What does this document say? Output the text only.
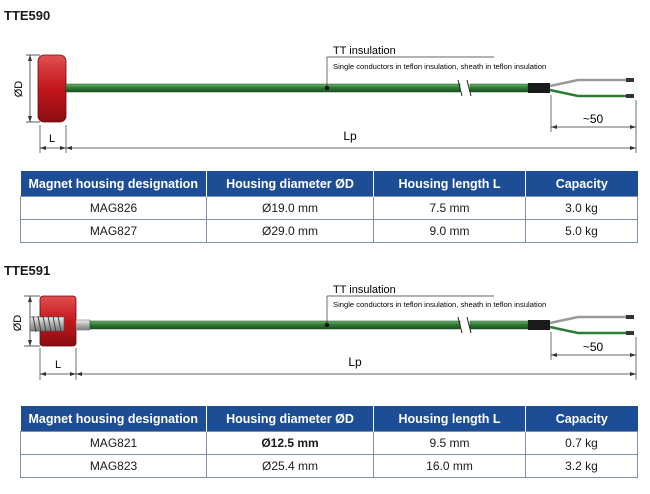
TTE590
ØD
TT insulation
Single conductors in teflon insulation, sheath in teflon insulation
L	Lp
~50
Magnet housing designation	Housing diameter ØD	Housing length L	Capacity
MAG826	Ø19.0 mm	7.5 mm	3.0 kg
MAG827	Ø29.0 mm	9.0 mm	5.0 kg
TTE591
ØD
TT insulation
Single conductors in teflon insulation, sheath in teflon insulation
L	Lp
~50
Magnet housing designation	Housing diameter ØD	Housing length L	Capacity
MAG821	Ø12.5 mm	9.5 mm	0.7 kg
MAG823	Ø25.4 mm	16.0 mm	3.2 kg
